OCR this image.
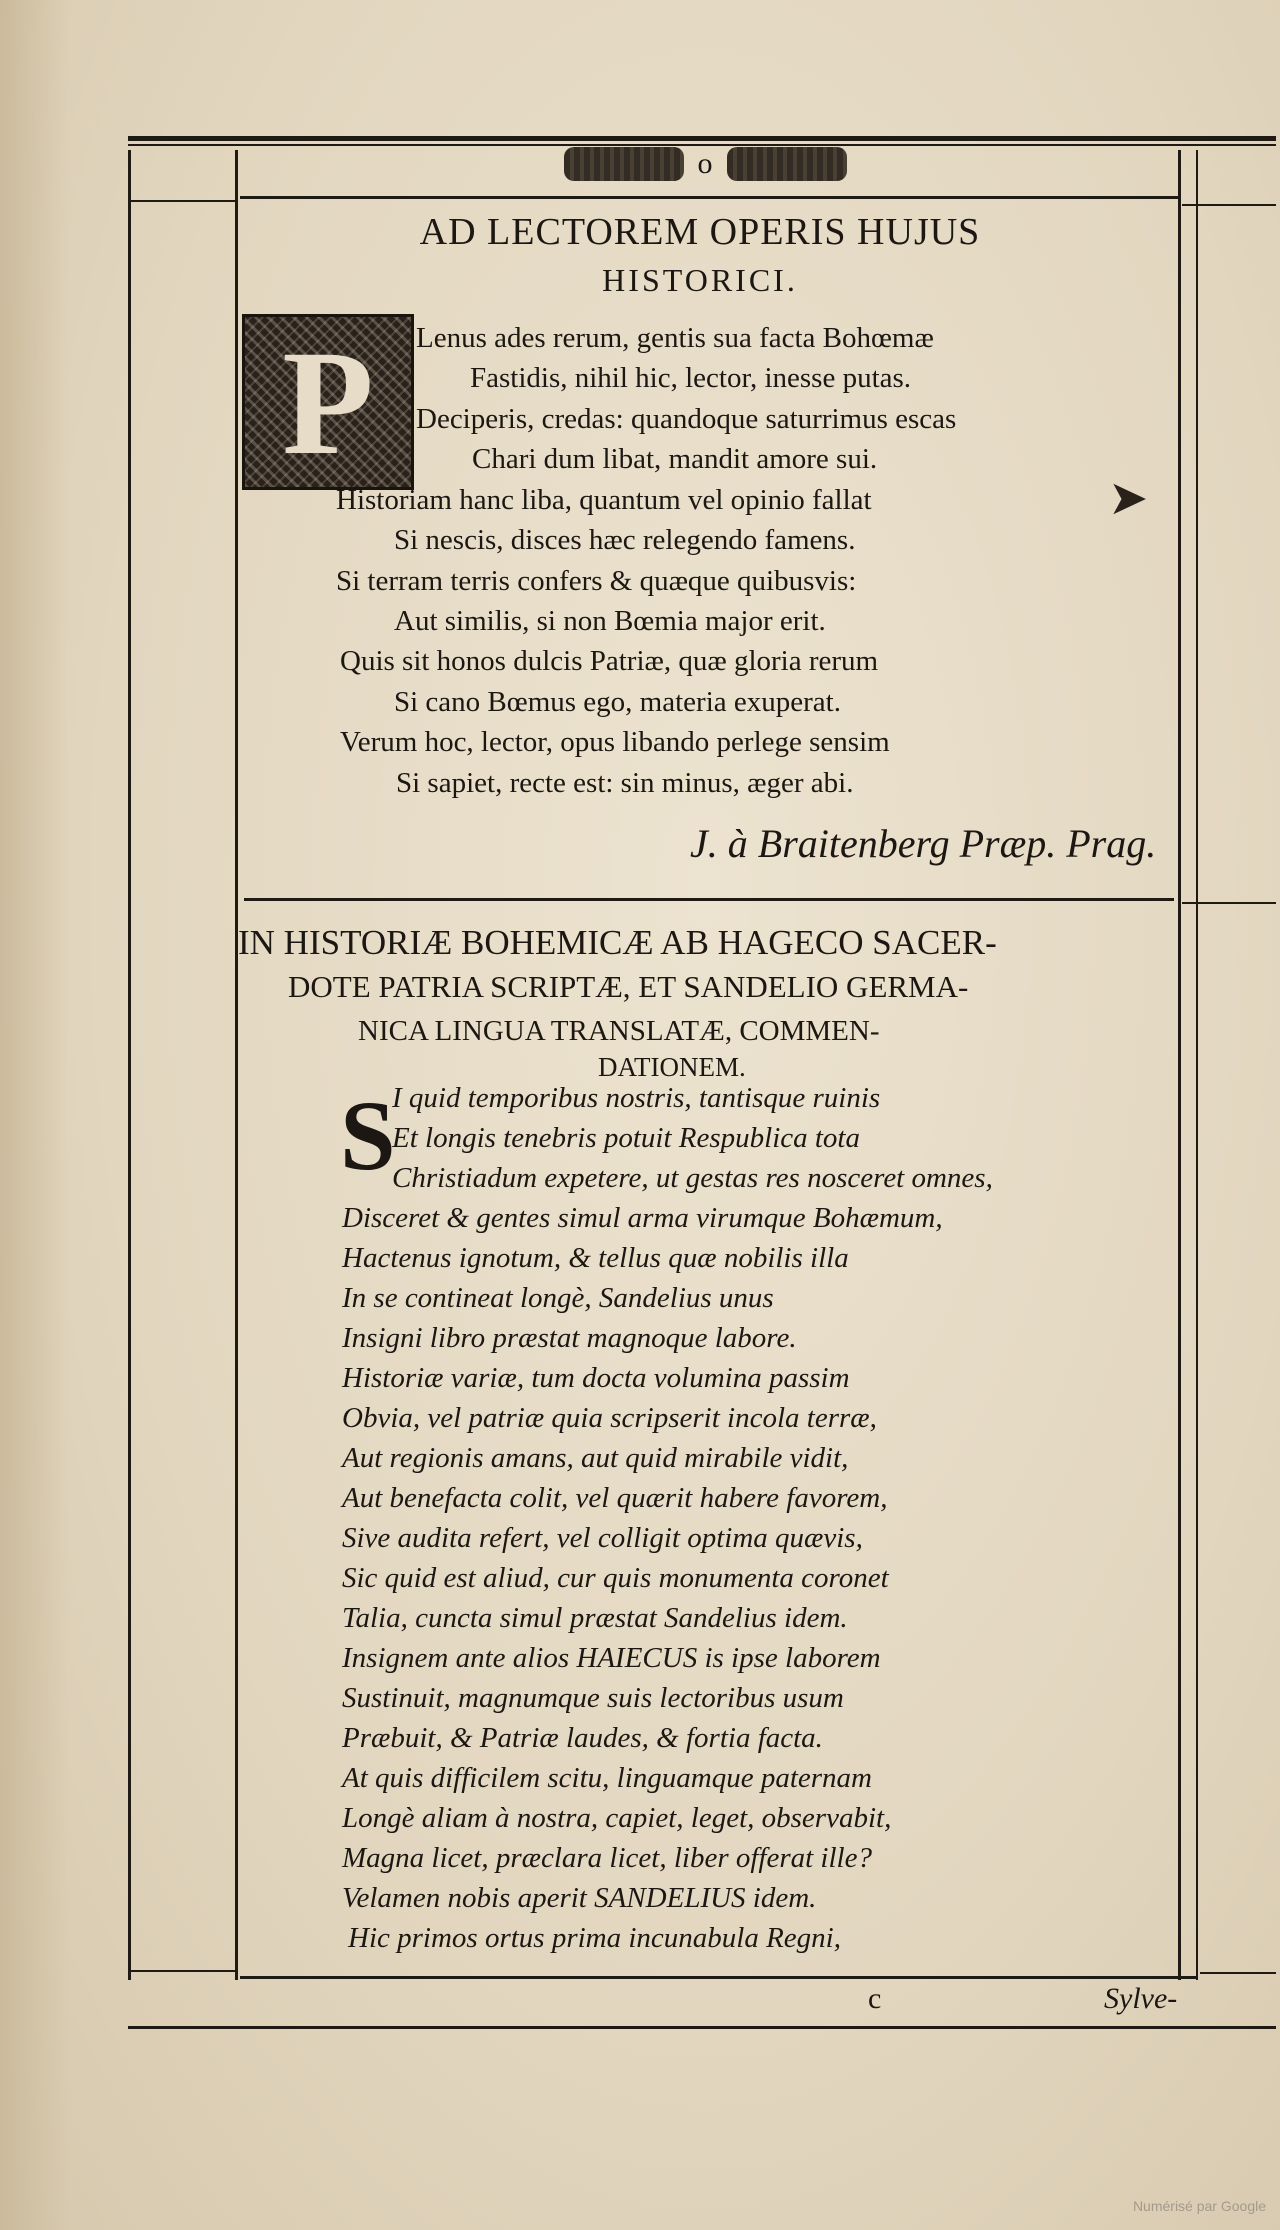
o
AD LECTOREM OPERIS HUJUS
HISTORICI.
P	Lenus ades rerum, gentis sua facta Bohœmæ
Fastidis, nihil hic, lector, inesse putas.
Deciperis, credas: quandoque saturrimus escas
Chari dum libat, mandit amore sui.
Historiam hanc liba, quantum vel opinio fallat
Si nescis, disces hæc relegendo famens.
Si terram terris confers & quæque quibusvis:
Aut similis, si non Bœmia major erit.
Quis sit honos dulcis Patriæ, quæ gloria rerum
Si cano Bœmus ego, materia exuperat.
Verum hoc, lector, opus libando perlege sensim
Si sapiet, recte est: sin minus, æger abi.
➤
J. à Braitenberg Præp. Prag.
IN HISTORIÆ BOHEMICÆ AB HAGECO SACER-
DOTE PATRIA SCRIPTÆ, ET SANDELIO GERMA-
NICA LINGUA TRANSLATÆ, COMMEN-
DATIONEM.
S
I quid temporibus nostris, tantisque ruinis
Et longis tenebris potuit Respublica tota
Christiadum expetere, ut gestas res nosceret omnes,
Disceret & gentes simul arma virumque Bohæmum,
Hactenus ignotum, & tellus quæ nobilis illa
In se contineat longè, Sandelius unus
Insigni libro præstat magnoque labore.
Historiæ variæ, tum docta volumina passim
Obvia, vel patriæ quia scripserit incola terræ,
Aut regionis amans, aut quid mirabile vidit,
Aut benefacta colit, vel quærit habere favorem,
Sive audita refert, vel colligit optima quævis,
Sic quid est aliud, cur quis monumenta coronet
Talia, cuncta simul præstat Sandelius idem.
Insignem ante alios HAIECUS is ipse laborem
Sustinuit, magnumque suis lectoribus usum
Præbuit, & Patriæ laudes, & fortia facta.
At quis difficilem scitu, linguamque paternam
Longè aliam à nostra, capiet, leget, observabit,
Magna licet, præclara licet, liber offerat ille?
Velamen nobis aperit SANDELIUS idem.
Hic primos ortus prima incunabula Regni,
c	Sylve-
Numérisé par Google
